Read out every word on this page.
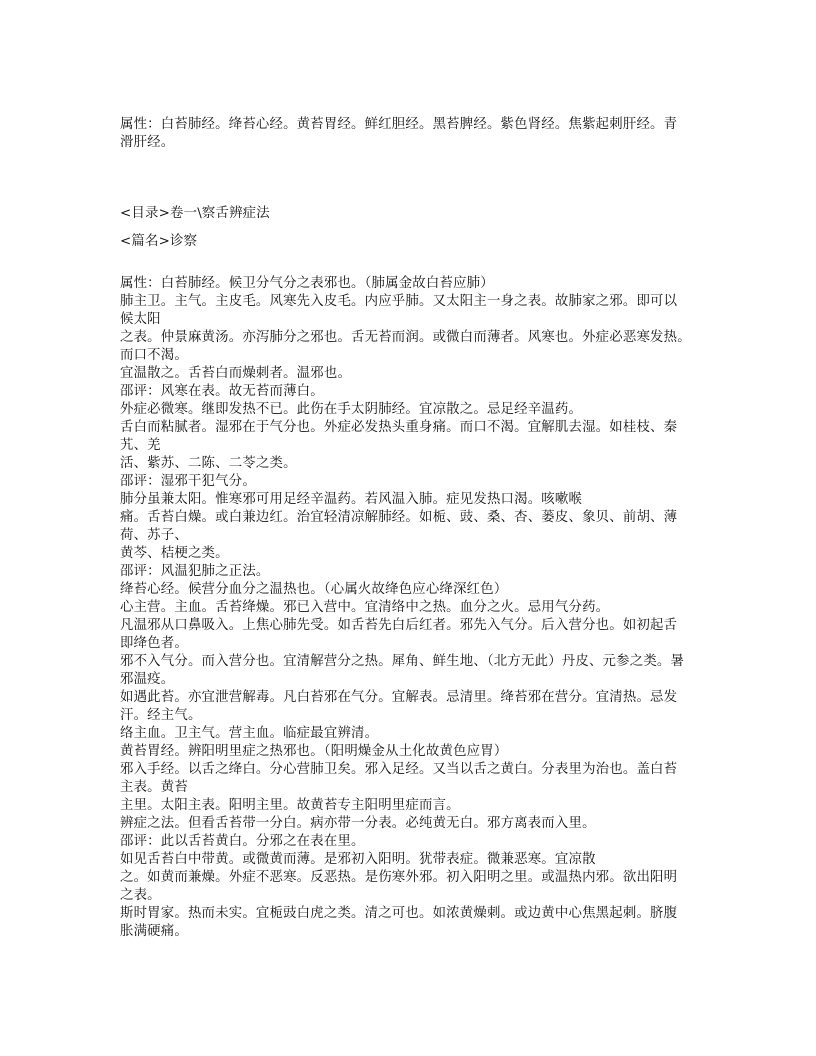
属性：白苔肺经。绛苔心经。黄苔胃经。鲜红胆经。黑苔脾经。紫色肾经。焦紫起刺肝经。青
滑肝经。
<目录>卷一\察舌辨症法
<篇名>诊察
属性：白苔肺经。候卫分气分之表邪也。（肺属金故白苔应肺）
肺主卫。主气。主皮毛。风寒先入皮毛。内应乎肺。又太阳主一身之表。故肺家之邪。即可以
候太阳
之表。仲景麻黄汤。亦泻肺分之邪也。舌无苔而润。或微白而薄者。风寒也。外症必恶寒发热。
而口不渴。
宜温散之。舌苔白而燥刺者。温邪也。
邵评：风寒在表。故无苔而薄白。
外症必微寒。继即发热不已。此伤在手太阴肺经。宜凉散之。忌足经辛温药。
舌白而粘腻者。湿邪在于气分也。外症必发热头重身痛。而口不渴。宜解肌去湿。如桂枝、秦
艽、羌
活、紫苏、二陈、二苓之类。
邵评：湿邪干犯气分。
肺分虽兼太阳。惟寒邪可用足经辛温药。若风温入肺。症见发热口渴。咳嗽喉
痛。舌苔白燥。或白兼边红。治宜轻清凉解肺经。如栀、豉、桑、杏、蒌皮、象贝、前胡、薄
荷、苏子、
黄芩、桔梗之类。
邵评：风温犯肺之正法。
绛苔心经。候营分血分之温热也。（心属火故绛色应心绛深红色）
心主营。主血。舌苔绛燥。邪已入营中。宜清络中之热。血分之火。忌用气分药。
凡温邪从口鼻吸入。上焦心肺先受。如舌苔先白后红者。邪先入气分。后入营分也。如初起舌
即绛色者。
邪不入气分。而入营分也。宜清解营分之热。犀角、鲜生地、（北方无此）丹皮、元参之类。暑
邪温疫。
如遇此苔。亦宜泄营解毒。凡白苔邪在气分。宜解表。忌清里。绛苔邪在营分。宜清热。忌发
汗。经主气。
络主血。卫主气。营主血。临症最宜辨清。
黄苔胃经。辨阳明里症之热邪也。（阳明燥金从土化故黄色应胃）
邪入手经。以舌之绛白。分心营肺卫矣。邪入足经。又当以舌之黄白。分表里为治也。盖白苔
主表。黄苔
主里。太阳主表。阳明主里。故黄苔专主阳明里症而言。
辨症之法。但看舌苔带一分白。病亦带一分表。必纯黄无白。邪方离表而入里。
邵评：此以舌苔黄白。分邪之在表在里。
如见舌苔白中带黄。或微黄而薄。是邪初入阳明。犹带表症。微兼恶寒。宜凉散
之。如黄而兼燥。外症不恶寒。反恶热。是伤寒外邪。初入阳明之里。或温热内邪。欲出阳明
之表。
斯时胃家。热而未实。宜栀豉白虎之类。清之可也。如浓黄燥刺。或边黄中心焦黑起刺。脐腹
胀满硬痛。
